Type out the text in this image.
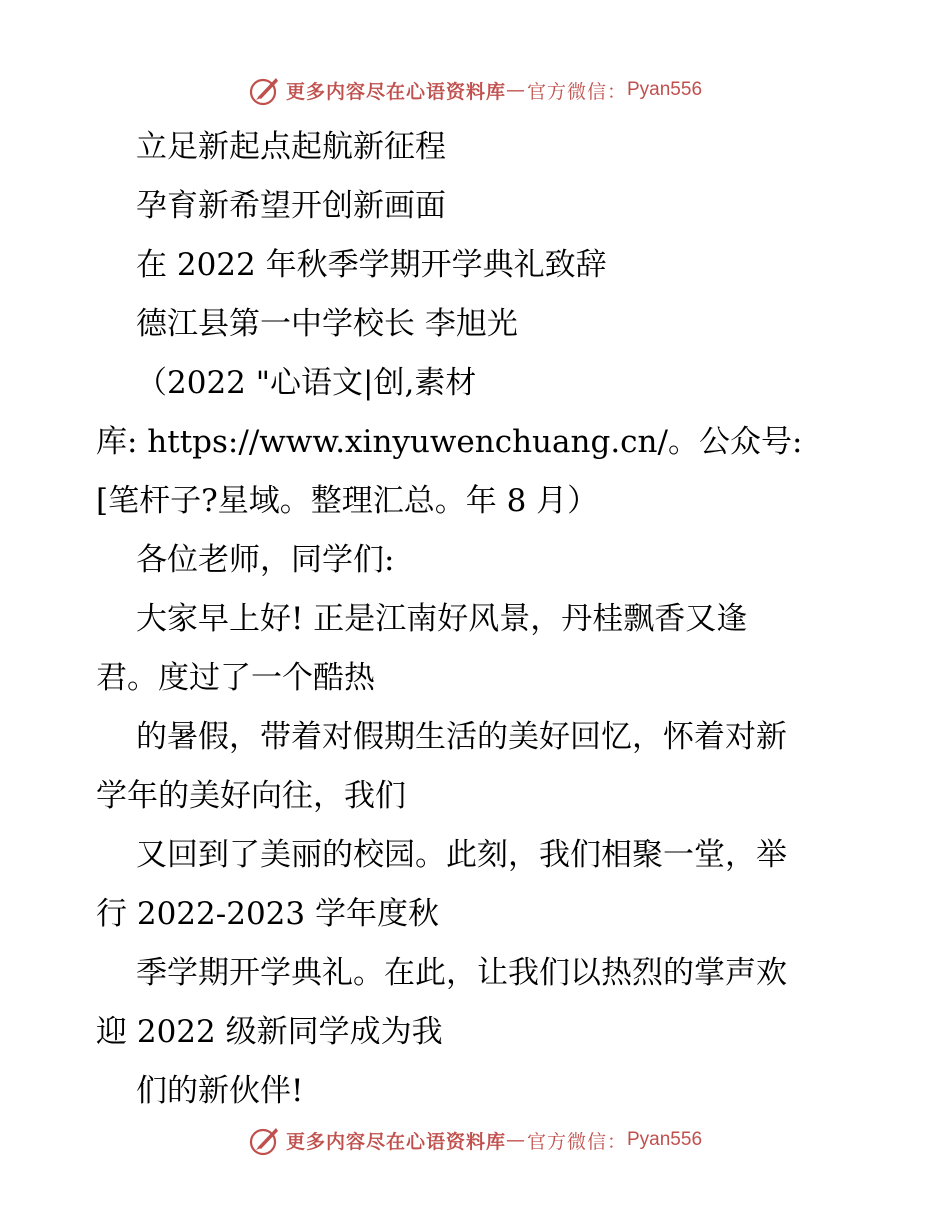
更多内容尽在心语资料库 — 官方微信： Pyan556
立足新起点起航新征程
孕育新希望开创新画面
在 2022 年秋季学期开学典礼致辞
德江县第一中学校长 李旭光
（2022 "心语文|创,素材
库: https://www.xinyuwenchuang.cn/。公众号:
[笔杆子?星域。整理汇总。年 8 月）
各位老师，同学们:
大家早上好! 正是江南好风景，丹桂飘香又逢
君。度过了一个酷热
的暑假，带着对假期生活的美好回忆，怀着对新
学年的美好向往，我们
又回到了美丽的校园。此刻，我们相聚一堂，举
行 2022-2023 学年度秋
季学期开学典礼。在此，让我们以热烈的掌声欢
迎 2022 级新同学成为我
们的新伙伴!
更多内容尽在心语资料库 — 官方微信： Pyan556
